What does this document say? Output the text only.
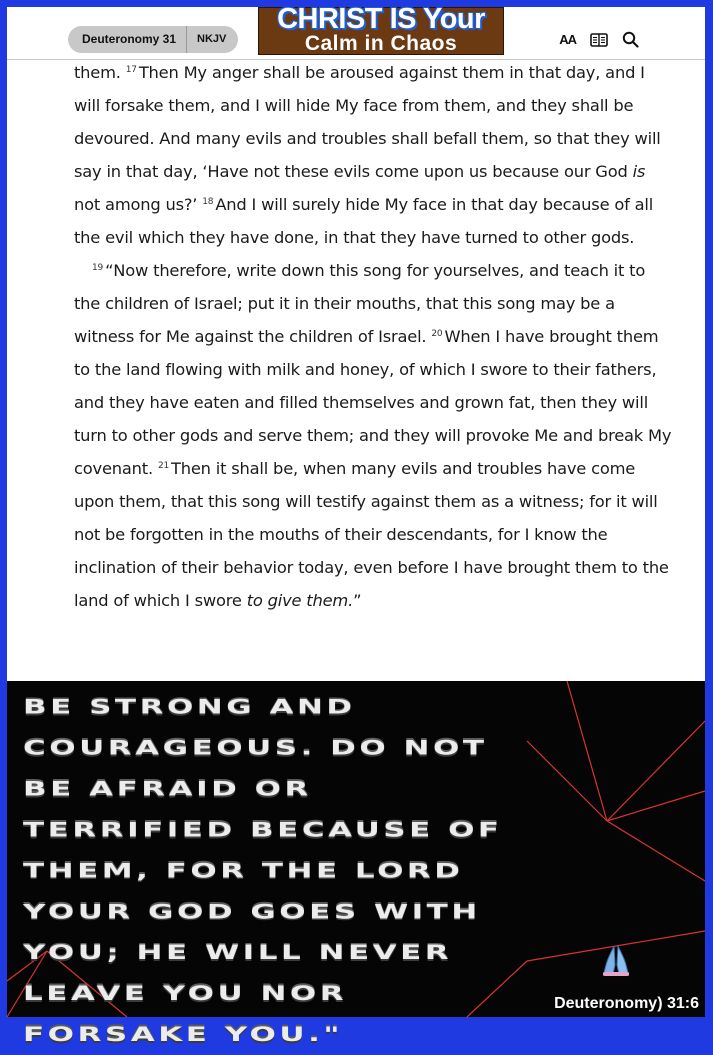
Deuteronomy 31	NKJV
CHRIST IS Your
Calm in Chaos	AA

them. $^{17}$ Then My anger shall be aroused against them in that day, and I will forsake them, and I will hide My face from them, and they shall be devoured. And many evils and troubles shall befall them, so that they will say in that day, ‘Have not these evils come upon us because our God is not among us?’ $^{18}$ And I will surely hide My face in that day because of all the evil which they have done, in that they have turned to other gods.

$^{19}$ “Now therefore, write down this song for yourselves, and teach it to the children of Israel; put it in their mouths, that this song may be a witness for Me against the children of Israel. $^{20}$ When I have brought them to the land flowing with milk and honey, of which I swore to their fathers, and they have eaten and filled themselves and grown fat, then they will turn to other gods and serve them; and they will provoke Me and break My covenant. $^{21}$ Then it shall be, when many evils and troubles have come upon them, that this song will testify against them as a witness; for it will not be forgotten in the mouths of their descendants, for I know the inclination of their behavior today, even before I have brought them to the land of which I swore to give them.”

BE STRONG AND
COURAGEOUS. DO NOT
BE AFRAID OR
TERRIFIED BECAUSE OF
THEM, FOR THE LORD
YOUR GOD GOES WITH
YOU; HE WILL NEVER
LEAVE YOU NOR
FORSAKE YOU."
Deuteronomy) 31:6
